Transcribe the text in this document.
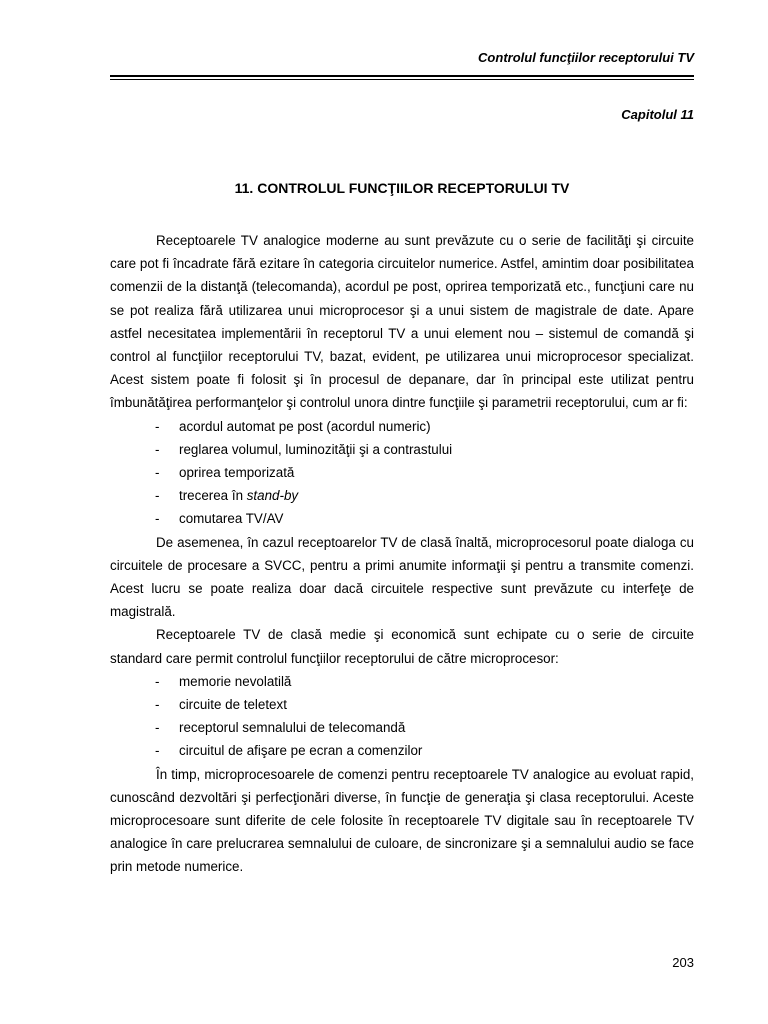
Controlul funcţiilor receptorului TV
Capitolul 11
11. CONTROLUL FUNCŢIILOR RECEPTORULUI TV

Receptoarele TV analogice moderne au sunt prevăzute cu o serie de facilităţi şi circuite care pot fi încadrate fără ezitare în categoria circuitelor numerice. Astfel, amintim doar posibilitatea comenzii de la distanţă (telecomanda), acordul pe post, oprirea temporizată etc., funcţiuni care nu se pot realiza fără utilizarea unui microprocesor şi a unui sistem de magistrale de date. Apare astfel necesitatea implementării în receptorul TV a unui element nou – sistemul de comandă şi control al funcţiilor receptorului TV, bazat, evident, pe utilizarea unui microprocesor specializat. Acest sistem poate fi folosit şi în procesul de depanare, dar în principal este utilizat pentru îmbunătăţirea performanţelor şi controlul unora dintre funcţiile şi parametrii receptorului, cum ar fi:

- acordul automat pe post (acordul numeric)
- reglarea volumul, luminozităţii şi a contrastului
- oprirea temporizată
- trecerea în stand-by
- comutarea TV/AV

De asemenea, în cazul receptoarelor TV de clasă înaltă, microprocesorul poate dialoga cu circuitele de procesare a SVCC, pentru a primi anumite informaţii şi pentru a transmite comenzi. Acest lucru se poate realiza doar dacă circuitele respective sunt prevăzute cu interfeţe de magistrală.

Receptoarele TV de clasă medie şi economică sunt echipate cu o serie de circuite standard care permit controlul funcţiilor receptorului de către microprocesor:

- memorie nevolatilă
- circuite de teletext
- receptorul semnalului de telecomandă
- circuitul de afişare pe ecran a comenzilor

În timp, microprocesoarele de comenzi pentru receptoarele TV analogice au evoluat rapid, cunoscând dezvoltări şi perfecţionări diverse, în funcţie de generaţia şi clasa receptorului. Aceste microprocesoare sunt diferite de cele folosite în receptoarele TV digitale sau în receptoarele TV analogice în care prelucrarea semnalului de culoare, de sincronizare şi a semnalului audio se face prin metode numerice.

203
